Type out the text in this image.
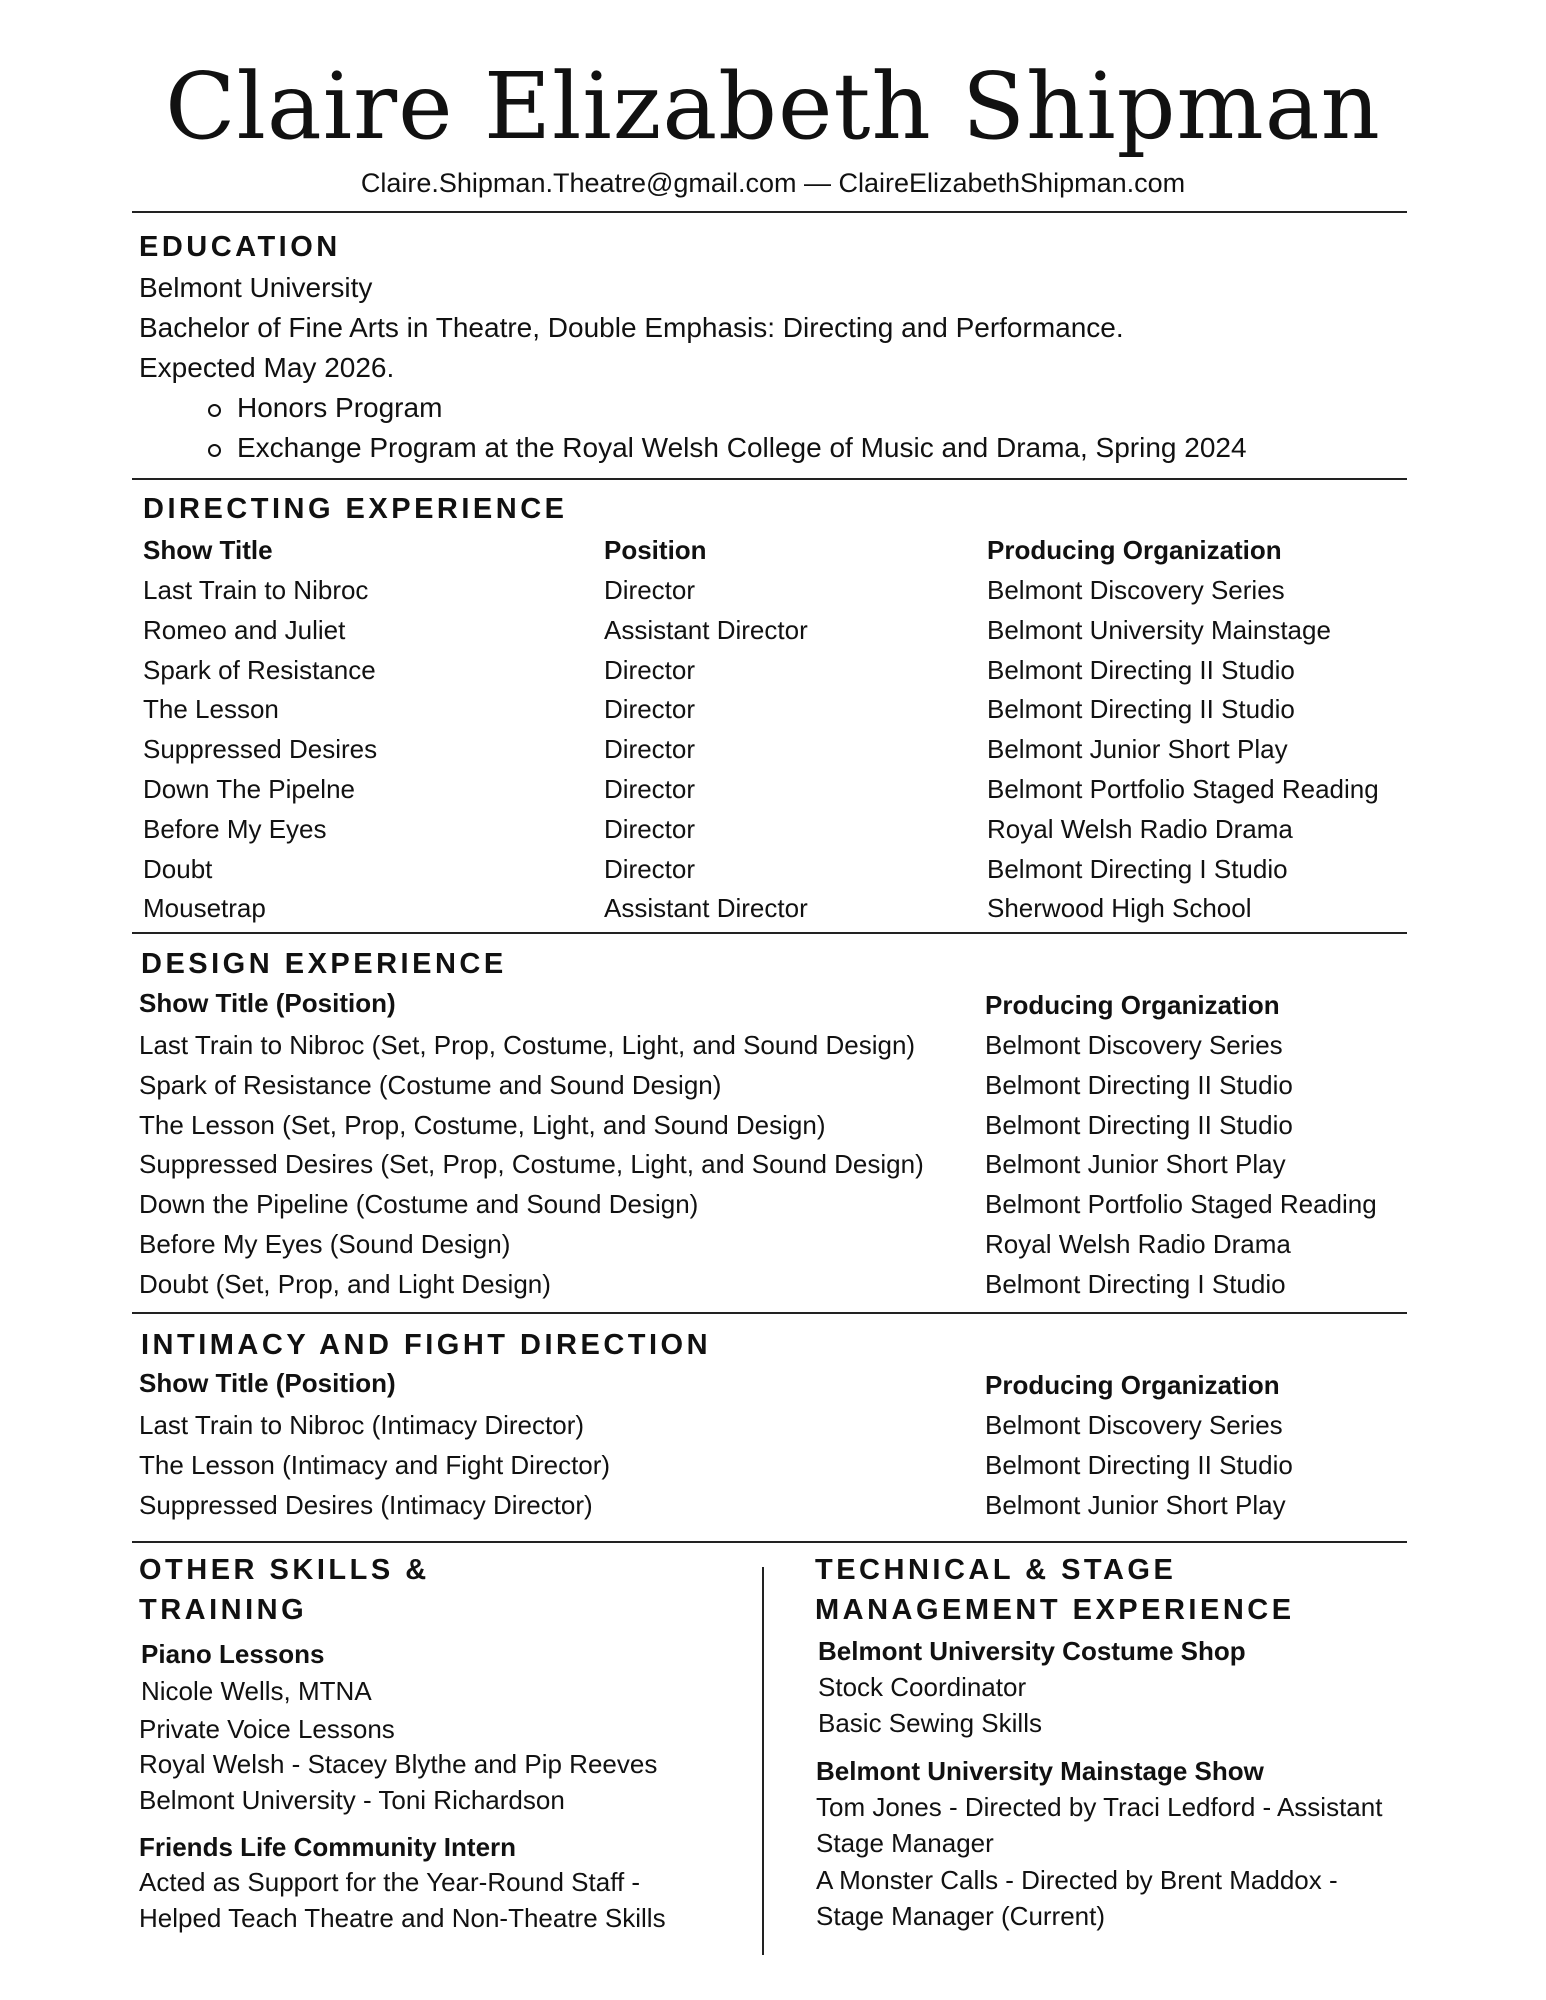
Claire Elizabeth Shipman
Claire.Shipman.Theatre@gmail.com — ClaireElizabethShipman.com
EDUCATION
Belmont University
Bachelor of Fine Arts in Theatre, Double Emphasis: Directing and Performance.
Expected May 2026.
Honors Program
Exchange Program at the Royal Welsh College of Music and Drama, Spring 2024
DIRECTING EXPERIENCE
Show Title	Position	Producing Organization
Last Train to Nibroc	Director	Belmont Discovery Series
Romeo and Juliet	Assistant Director	Belmont University Mainstage
Spark of Resistance	Director	Belmont Directing II Studio
The Lesson	Director	Belmont Directing II Studio
Suppressed Desires	Director	Belmont Junior Short Play
Down The Pipelne	Director	Belmont Portfolio Staged Reading
Before My Eyes	Director	Royal Welsh Radio Drama
Doubt	Director	Belmont Directing I Studio
Mousetrap	Assistant Director	Sherwood High School
DESIGN EXPERIENCE
Show Title (Position)	Producing Organization
Last Train to Nibroc (Set, Prop, Costume, Light, and Sound Design)	Belmont Discovery Series
Spark of Resistance (Costume and Sound Design)	Belmont Directing II Studio
The Lesson (Set, Prop, Costume, Light, and Sound Design)	Belmont Directing II Studio
Suppressed Desires (Set, Prop, Costume, Light, and Sound Design) Belmont Junior Short Play
Down the Pipeline (Costume and Sound Design)	Belmont Portfolio Staged Reading
Before My Eyes (Sound Design)	Royal Welsh Radio Drama
Doubt (Set, Prop, and Light Design)	Belmont Directing I Studio
INTIMACY AND FIGHT DIRECTION
Show Title (Position)	Producing Organization
Last Train to Nibroc (Intimacy Director)	Belmont Discovery Series
The Lesson (Intimacy and Fight Director)	Belmont Directing II Studio
Suppressed Desires (Intimacy Director)	Belmont Junior Short Play
OTHER SKILLS &
TRAINING
Piano Lessons
Nicole Wells, MTNA
Private Voice Lessons
Royal Welsh - Stacey Blythe and Pip Reeves
Belmont University - Toni Richardson
Friends Life Community Intern
Acted as Support for the Year-Round Staff -
Helped Teach Theatre and Non-Theatre Skills
TECHNICAL & STAGE
MANAGEMENT EXPERIENCE
Belmont University Costume Shop
Stock Coordinator
Basic Sewing Skills
Belmont University Mainstage Show
Tom Jones - Directed by Traci Ledford - Assistant
Stage Manager
A Monster Calls - Directed by Brent Maddox -
Stage Manager (Current)
